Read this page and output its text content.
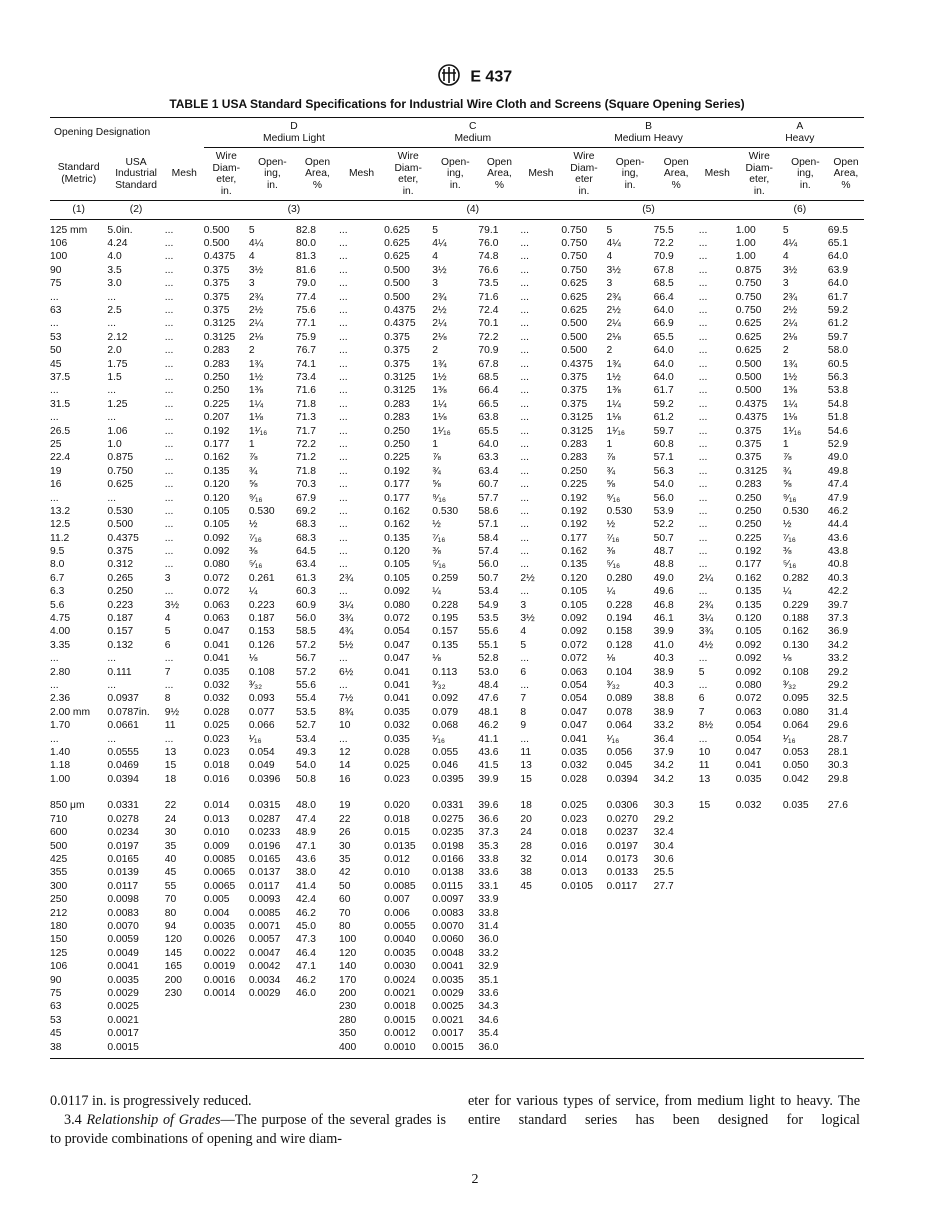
E 437
TABLE 1 USA Standard Specifications for Industrial Wire Cloth and Screens (Square Opening Series)
Opening Designation			D
Medium Light				C
Medium				B
Medium Heavy				A
Heavy		
Standard
(Metric)	USA
Industrial
Standard	Mesh	Wire
Diam-
eter,
in.	Open-
ing,
in.	Open
Area,
%	Mesh	Wire
Diam-
eter,
in.	Open-
ing,
in.	Open
Area,
%	Mesh	Wire
Diam-
eter
in.	Open-
ing,
in.	Open
Area,
%	Mesh	Wire
Diam-
eter,
in.	Open-
ing,
in.	Open
Area,
%
(1)	(2)		(3)				(4)				(5)				(6)		
125 mm	5.0in.	...	0.500	5	82.8	...	0.625	5	79.1	...	0.750	5	75.5	...	1.00	5	69.5
106	4.24	...	0.500	4¼	80.0	...	0.625	4¼	76.0	...	0.750	4¼	72.2	...	1.00	4¼	65.1
100	4.0	...	0.4375	4	81.3	...	0.625	4	74.8	...	0.750	4	70.9	...	1.00	4	64.0
90	3.5	...	0.375	3½	81.6	...	0.500	3½	76.6	...	0.750	3½	67.8	...	0.875	3½	63.9
75	3.0	...	0.375	3	79.0	...	0.500	3	73.5	...	0.625	3	68.5	...	0.750	3	64.0
...	...	...	0.375	2¾	77.4	...	0.500	2¾	71.6	...	0.625	2¾	66.4	...	0.750	2¾	61.7
63	2.5	...	0.375	2½	75.6	...	0.4375	2½	72.4	...	0.625	2½	64.0	...	0.750	2½	59.2
...	...	...	0.3125	2¼	77.1	...	0.4375	2¼	70.1	...	0.500	2¼	66.9	...	0.625	2¼	61.2
53	2.12	...	0.3125	2⅛	75.9	...	0.375	2⅛	72.2	...	0.500	2⅛	65.5	...	0.625	2⅛	59.7
50	2.0	...	0.283	2	76.7	...	0.375	2	70.9	...	0.500	2	64.0	...	0.625	2	58.0
45	1.75	...	0.283	1¾	74.1	...	0.375	1¾	67.8	...	0.4375	1¾	64.0	...	0.500	1¾	60.5
37.5	1.5	...	0.250	1½	73.4	...	0.3125	1½	68.5	...	0.375	1½	64.0	...	0.500	1½	56.3
...	...	...	0.250	1⅜	71.6	...	0.3125	1⅜	66.4	...	0.375	1⅜	61.7	...	0.500	1⅜	53.8
31.5	1.25	...	0.225	1¼	71.8	...	0.283	1¼	66.5	...	0.375	1¼	59.2	...	0.4375	1¼	54.8
...	...	...	0.207	1⅛	71.3	...	0.283	1⅛	63.8	...	0.3125	1⅛	61.2	...	0.4375	1⅛	51.8
26.5	1.06	...	0.192	1¹⁄₁₆	71.7	...	0.250	1¹⁄₁₆	65.5	...	0.3125	1¹⁄₁₆	59.7	...	0.375	1¹⁄₁₆	54.6
25	1.0	...	0.177	1	72.2	...	0.250	1	64.0	...	0.283	1	60.8	...	0.375	1	52.9
22.4	0.875	...	0.162	⅞	71.2	...	0.225	⅞	63.3	...	0.283	⅞	57.1	...	0.375	⅞	49.0
19	0.750	...	0.135	¾	71.8	...	0.192	¾	63.4	...	0.250	¾	56.3	...	0.3125	¾	49.8
16	0.625	...	0.120	⅝	70.3	...	0.177	⅝	60.7	...	0.225	⅝	54.0	...	0.283	⅝	47.4
...	...	...	0.120	⁹⁄₁₆	67.9	...	0.177	⁹⁄₁₆	57.7	...	0.192	⁹⁄₁₆	56.0	...	0.250	⁹⁄₁₆	47.9
13.2	0.530	...	0.105	0.530	69.2	...	0.162	0.530	58.6	...	0.192	0.530	53.9	...	0.250	0.530	46.2
12.5	0.500	...	0.105	½	68.3	...	0.162	½	57.1	...	0.192	½	52.2	...	0.250	½	44.4
11.2	0.4375	...	0.092	⁷⁄₁₆	68.3	...	0.135	⁷⁄₁₆	58.4	...	0.177	⁷⁄₁₆	50.7	...	0.225	⁷⁄₁₆	43.6
9.5	0.375	...	0.092	⅜	64.5	...	0.120	⅜	57.4	...	0.162	⅜	48.7	...	0.192	⅜	43.8
8.0	0.312	...	0.080	⁵⁄₁₆	63.4	...	0.105	⁵⁄₁₆	56.0	...	0.135	⁵⁄₁₆	48.8	...	0.177	⁵⁄₁₆	40.8
6.7	0.265	3	0.072	0.261	61.3	2¾	0.105	0.259	50.7	2½	0.120	0.280	49.0	2¼	0.162	0.282	40.3
6.3	0.250	...	0.072	¼	60.3	...	0.092	¼	53.4	...	0.105	¼	49.6	...	0.135	¼	42.2
5.6	0.223	3½	0.063	0.223	60.9	3¼	0.080	0.228	54.9	3	0.105	0.228	46.8	2¾	0.135	0.229	39.7
4.75	0.187	4	0.063	0.187	56.0	3¾	0.072	0.195	53.5	3½	0.092	0.194	46.1	3¼	0.120	0.188	37.3
4.00	0.157	5	0.047	0.153	58.5	4¾	0.054	0.157	55.6	4	0.092	0.158	39.9	3¾	0.105	0.162	36.9
3.35	0.132	6	0.041	0.126	57.2	5½	0.047	0.135	55.1	5	0.072	0.128	41.0	4½	0.092	0.130	34.2
...	...	...	0.041	⅛	56.7	...	0.047	⅛	52.8	...	0.072	⅛	40.3	...	0.092	⅛	33.2
2.80	0.111	7	0.035	0.108	57.2	6½	0.041	0.113	53.0	6	0.063	0.104	38.9	5	0.092	0.108	29.2
...	...	...	0.032	³⁄₃₂	55.6	...	0.041	³⁄₃₂	48.4	...	0.054	³⁄₃₂	40.3	...	0.080	³⁄₃₂	29.2
2.36	0.0937	8	0.032	0.093	55.4	7½	0.041	0.092	47.6	7	0.054	0.089	38.8	6	0.072	0.095	32.5
2.00 mm	0.0787in.	9½	0.028	0.077	53.5	8¾	0.035	0.079	48.1	8	0.047	0.078	38.9	7	0.063	0.080	31.4
1.70	0.0661	11	0.025	0.066	52.7	10	0.032	0.068	46.2	9	0.047	0.064	33.2	8½	0.054	0.064	29.6
...	...	...	0.023	¹⁄₁₆	53.4	...	0.035	¹⁄₁₆	41.1	...	0.041	¹⁄₁₆	36.4	...	0.054	¹⁄₁₆	28.7
1.40	0.0555	13	0.023	0.054	49.3	12	0.028	0.055	43.6	11	0.035	0.056	37.9	10	0.047	0.053	28.1
1.18	0.0469	15	0.018	0.049	54.0	14	0.025	0.046	41.5	13	0.032	0.045	34.2	11	0.041	0.050	30.3
1.00	0.0394	18	0.016	0.0396	50.8	16	0.023	0.0395	39.9	15	0.028	0.0394	34.2	13	0.035	0.042	29.8

850 μm	0.0331	22	0.014	0.0315	48.0	19	0.020	0.0331	39.6	18	0.025	0.0306	30.3	15	0.032	0.035	27.6
710	0.0278	24	0.013	0.0287	47.4	22	0.018	0.0275	36.6	20	0.023	0.0270	29.2				
600	0.0234	30	0.010	0.0233	48.9	26	0.015	0.0235	37.3	24	0.018	0.0237	32.4				
500	0.0197	35	0.009	0.0196	47.1	30	0.0135	0.0198	35.3	28	0.016	0.0197	30.4				
425	0.0165	40	0.0085	0.0165	43.6	35	0.012	0.0166	33.8	32	0.014	0.0173	30.6				
355	0.0139	45	0.0065	0.0137	38.0	42	0.010	0.0138	33.6	38	0.013	0.0133	25.5				
300	0.0117	55	0.0065	0.0117	41.4	50	0.0085	0.0115	33.1	45	0.0105	0.0117	27.7				
250	0.0098	70	0.005	0.0093	42.4	60	0.007	0.0097	33.9								
212	0.0083	80	0.004	0.0085	46.2	70	0.006	0.0083	33.8								
180	0.0070	94	0.0035	0.0071	45.0	80	0.0055	0.0070	31.4								
150	0.0059	120	0.0026	0.0057	47.3	100	0.0040	0.0060	36.0								
125	0.0049	145	0.0022	0.0047	46.4	120	0.0035	0.0048	33.2								
106	0.0041	165	0.0019	0.0042	47.1	140	0.0030	0.0041	32.9								
90	0.0035	200	0.0016	0.0034	46.2	170	0.0024	0.0035	35.1								
75	0.0029	230	0.0014	0.0029	46.0	200	0.0021	0.0029	33.6								
63	0.0025					230	0.0018	0.0025	34.3								
53	0.0021					280	0.0015	0.0021	34.6								
45	0.0017					350	0.0012	0.0017	35.4								
38	0.0015					400	0.0010	0.0015	36.0								

0.0117 in. is progressively reduced.

3.4 Relationship of Grades—The purpose of the several grades is to provide combinations of opening and wire diam-

eter for various types of service, from medium light to heavy. The entire standard series has been designed for logical

2
